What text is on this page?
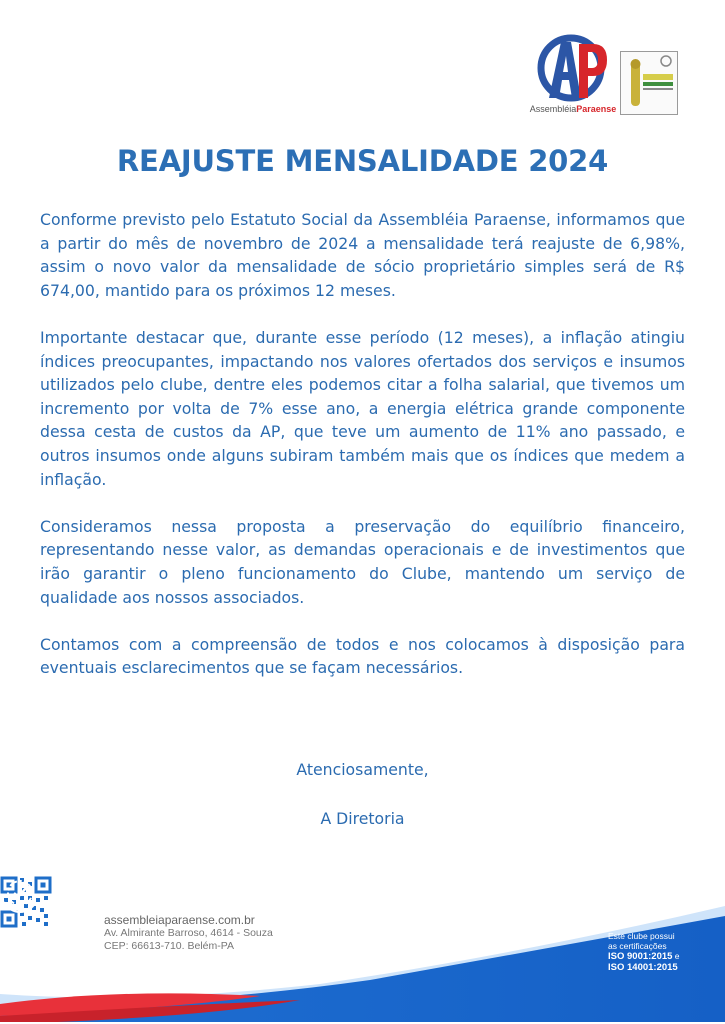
AssembléiaParaense
REAJUSTE MENSALIDADE 2024

Conforme previsto pelo Estatuto Social da Assembléia Paraense, informamos que a partir do mês de novembro de 2024 a mensalidade terá reajuste de 6,98%, assim o novo valor da mensalidade de sócio proprietário simples será de R$ 674,00, mantido para os próximos 12 meses.

Importante destacar que, durante esse período (12 meses), a inflação atingiu índices preocupantes, impactando nos valores ofertados dos serviços e insumos utilizados pelo clube, dentre eles podemos citar a folha salarial, que tivemos um incremento por volta de 7% esse ano, a energia elétrica grande componente dessa cesta de custos da AP, que teve um aumento de 11% ano passado, e outros insumos onde alguns subiram também mais que os índices que medem a inflação.

Consideramos nessa proposta a preservação do equilíbrio financeiro, representando nesse valor, as demandas operacionais e de investimentos que irão garantir o pleno funcionamento do Clube, mantendo um serviço de qualidade aos nossos associados.

Contamos com a compreensão de todos e nos colocamos à disposição para eventuais esclarecimentos que se façam necessários.

Atenciosamente,
A Diretoria
assembleiaparaense.com.br
Av. Almirante Barroso, 4614 - Souza
CEP: 66613-710. Belém-PA
Este clube possui
as certificações
ISO 9001:2015 e
ISO 14001:2015
